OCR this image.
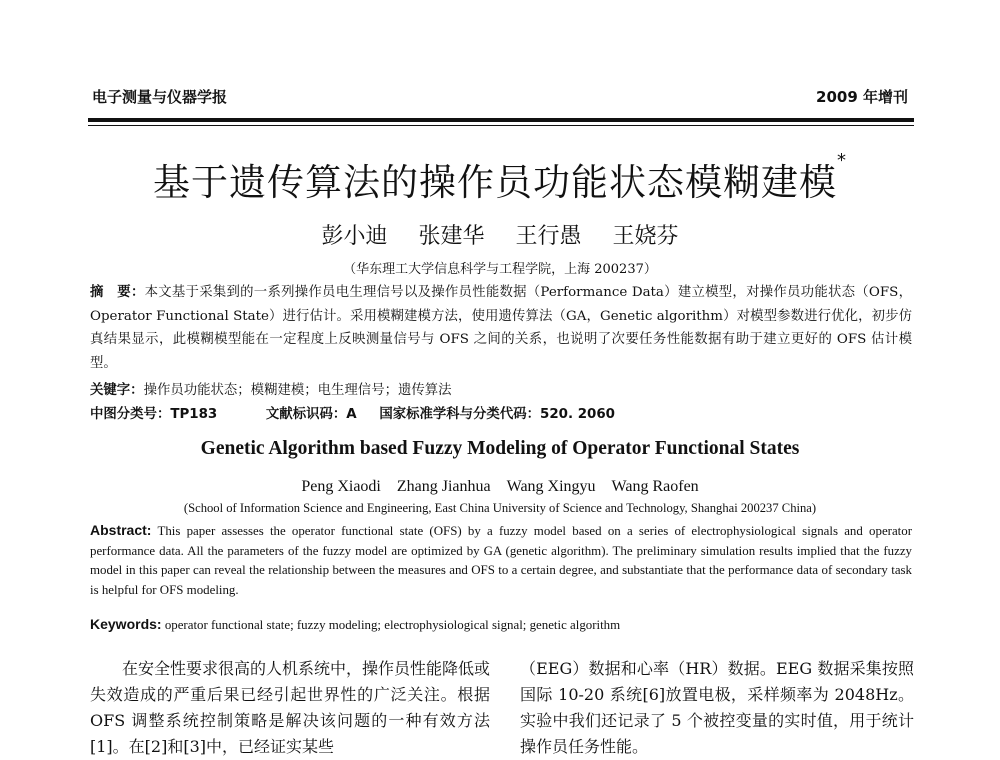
电子测量与仪器学报	2009 年增刊
基于遗传算法的操作员功能状态模糊建模*
彭小迪 张建华 王行愚 王娆芬
（华东理工大学信息科学与工程学院，上海 200237）
摘　要：本文基于采集到的一系列操作员电生理信号以及操作员性能数据（Performance Data）建立模型，对操作员功能状态（OFS，Operator Functional State）进行估计。采用模糊建模方法，使用遗传算法（GA，Genetic algorithm）对模型参数进行优化，初步仿真结果显示，此模糊模型能在一定程度上反映测量信号与 OFS 之间的关系，也说明了次要任务性能数据有助于建立更好的 OFS 估计模型。
关键字：操作员功能状态；模糊建模；电生理信号；遗传算法
中图分类号：TP183	文献标识码：A 国家标准学科与分类代码：520. 2060
Genetic Algorithm based Fuzzy Modeling of Operator Functional States
Peng Xiaodi Zhang Jianhua Wang Xingyu Wang Raofen
(School of Information Science and Engineering, East China University of Science and Technology, Shanghai 200237 China)
Abstract: This paper assesses the operator functional state (OFS) by a fuzzy model based on a series of electrophysiological signals and operator performance data. All the parameters of the fuzzy model are optimized by GA (genetic algorithm). The preliminary simulation results implied that the fuzzy model in this paper can reveal the relationship between the measures and OFS to a certain degree, and substantiate that the performance data of secondary task is helpful for OFS modeling.
Keywords: operator functional state; fuzzy modeling; electrophysiological signal; genetic algorithm
在安全性要求很高的人机系统中，操作员性能降低或失效造成的严重后果已经引起世界性的广泛关注。根据 OFS 调整系统控制策略是解决该问题的一种有效方法[1]。在[2]和[3]中，已经证实某些
（EEG）数据和心率（HR）数据。EEG 数据采集按照国际 10-20 系统[6]放置电极，采样频率为 2048Hz。实验中我们还记录了 5 个被控变量的实时值，用于统计操作员任务性能。
